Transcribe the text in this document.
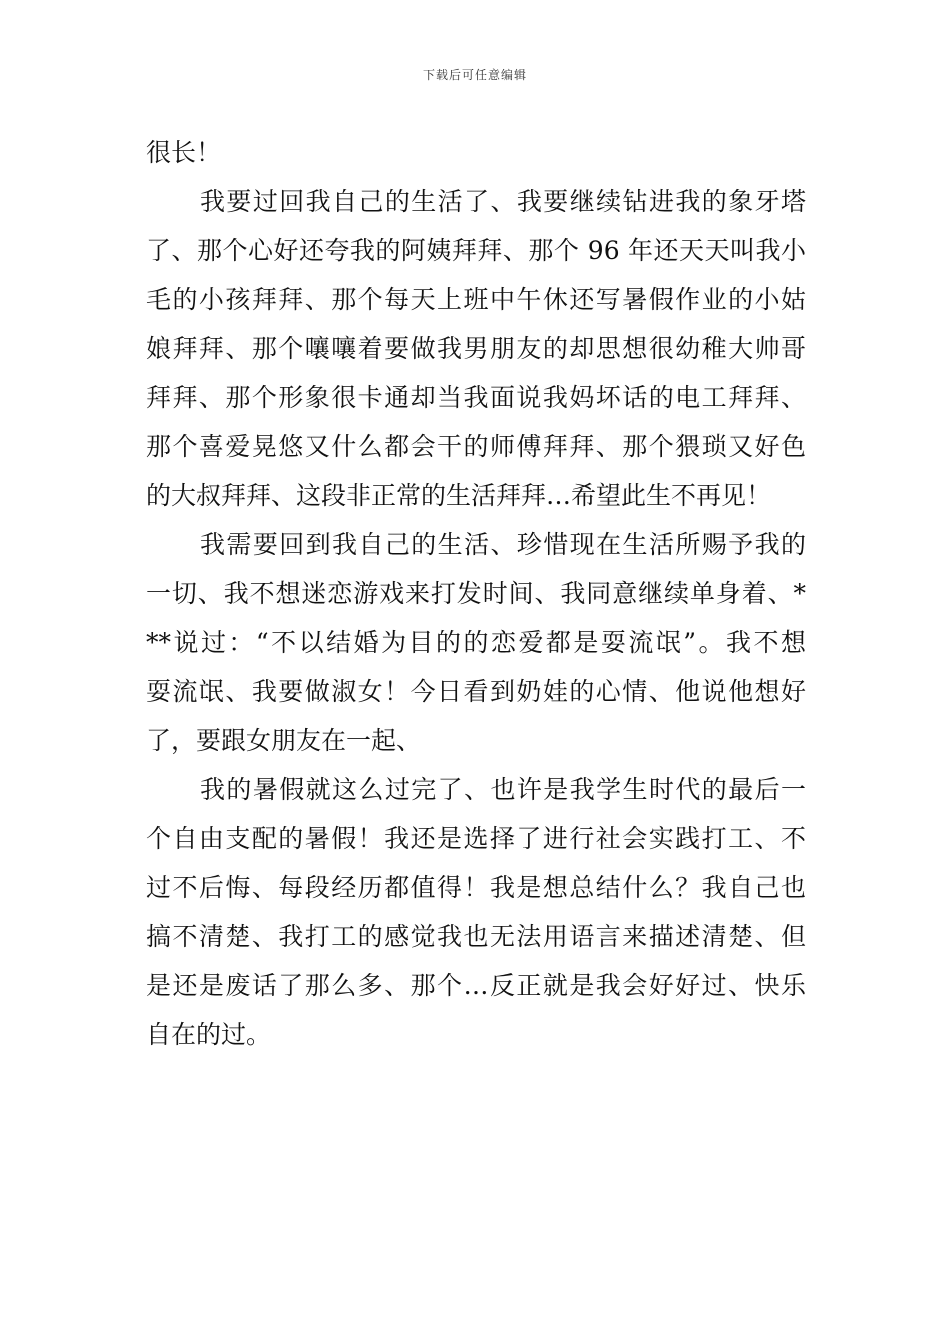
下载后可任意编辑
很长！
我要过回我自己的生活了、我要继续钻进我的象牙塔
了、那个心好还夸我的阿姨拜拜、那个 96 年还天天叫我小
毛的小孩拜拜、那个每天上班中午休还写暑假作业的小姑
娘拜拜、那个嚷嚷着要做我男朋友的却思想很幼稚大帅哥
拜拜、那个形象很卡通却当我面说我妈坏话的电工拜拜、
那个喜爱晃悠又什么都会干的师傅拜拜、那个猥琐又好色
的大叔拜拜、这段非正常的生活拜拜…希望此生不再见！
我需要回到我自己的生活、珍惜现在生活所赐予我的
一切、我不想迷恋游戏来打发时间、我同意继续单身着、*
**说过：“不以结婚为目的的恋爱都是耍流氓”。我不想
耍流氓、我要做淑女！今日看到奶娃的心情、他说他想好
了，要跟女朋友在一起、
我的暑假就这么过完了、也许是我学生时代的最后一
个自由支配的暑假！我还是选择了进行社会实践打工、不
过不后悔、每段经历都值得！我是想总结什么？我自己也
搞不清楚、我打工的感觉我也无法用语言来描述清楚、但
是还是废话了那么多、那个…反正就是我会好好过、快乐
自在的过。
